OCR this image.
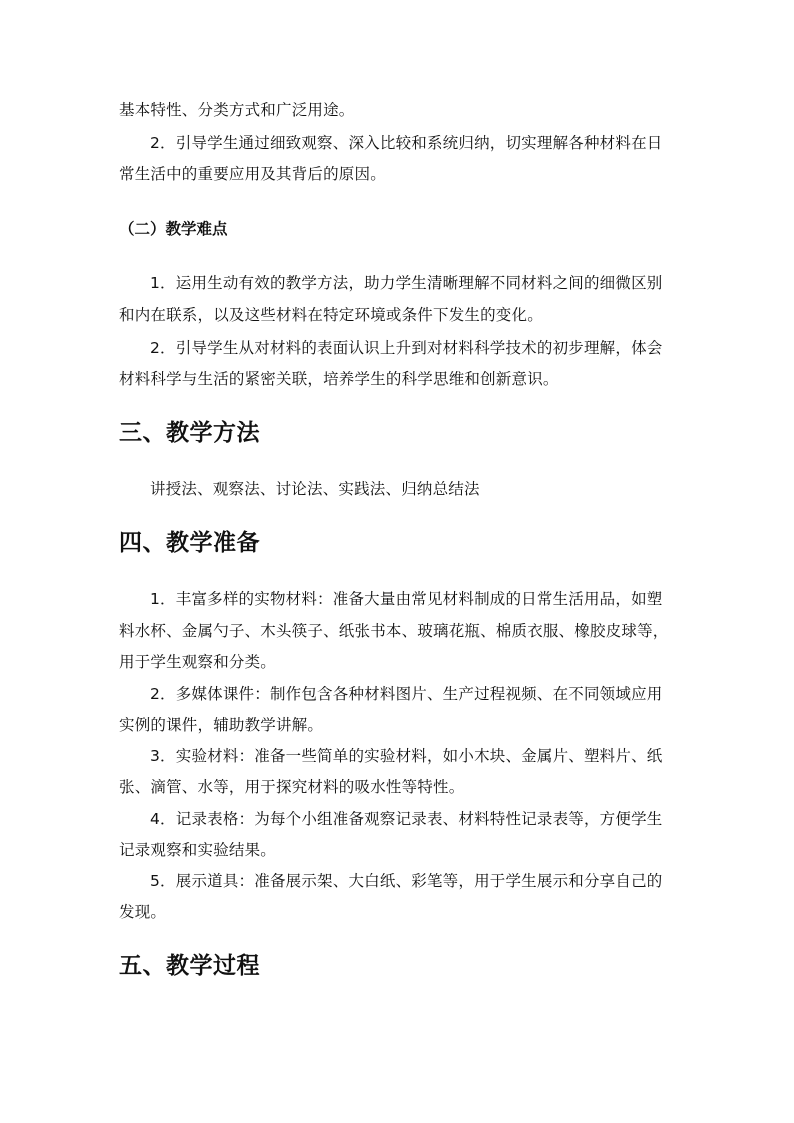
基本特性、分类方式和广泛用途。
2．引导学生通过细致观察、深入比较和系统归纳，切实理解各种材料在日
常生活中的重要应用及其背后的原因。
（二）教学难点
1．运用生动有效的教学方法，助力学生清晰理解不同材料之间的细微区别
和内在联系，以及这些材料在特定环境或条件下发生的变化。
2．引导学生从对材料的表面认识上升到对材料科学技术的初步理解，体会
材料科学与生活的紧密关联，培养学生的科学思维和创新意识。
三、教学方法
讲授法、观察法、讨论法、实践法、归纳总结法
四、教学准备
1．丰富多样的实物材料：准备大量由常见材料制成的日常生活用品，如塑
料水杯、金属勺子、木头筷子、纸张书本、玻璃花瓶、棉质衣服、橡胶皮球等，
用于学生观察和分类。
2．多媒体课件：制作包含各种材料图片、生产过程视频、在不同领域应用
实例的课件，辅助教学讲解。
3．实验材料：准备一些简单的实验材料，如小木块、金属片、塑料片、纸
张、滴管、水等，用于探究材料的吸水性等特性。
4．记录表格：为每个小组准备观察记录表、材料特性记录表等，方便学生
记录观察和实验结果。
5．展示道具：准备展示架、大白纸、彩笔等，用于学生展示和分享自己的
发现。
五、教学过程
